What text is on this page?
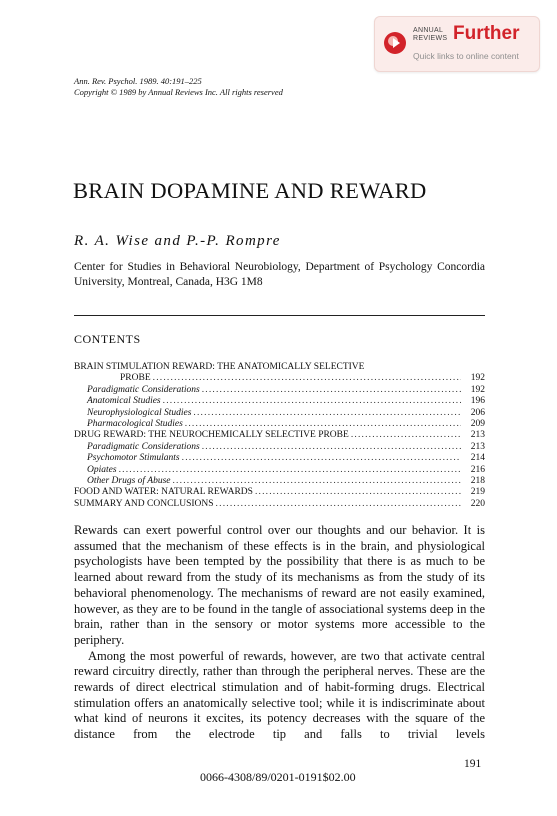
ANNUAL REVIEWS Further
Quick links to online content
Ann. Rev. Psychol. 1989. 40:191–225
Copyright © 1989 by Annual Reviews Inc. All rights reserved
BRAIN DOPAMINE AND REWARD
R. A. Wise and P.-P. Rompre
Center for Studies in Behavioral Neurobiology, Department of Psychology Concordia University, Montreal, Canada, H3G 1M8
CONTENTS
BRAIN STIMULATION REWARD: THE ANATOMICALLY SELECTIVE
PROBE .....	192
Paradigmatic Considerations .....	192
Anatomical Studies .....	196
Neurophysiological Studies .....	206
Pharmacological Studies .....	209
DRUG REWARD: THE NEUROCHEMICALLY SELECTIVE PROBE .....	213
Paradigmatic Considerations .....	213
Psychomotor Stimulants .....	214
Opiates .....	216
Other Drugs of Abuse .....	218
FOOD AND WATER: NATURAL REWARDS .....	219
SUMMARY AND CONCLUSIONS .....	220

Rewards can exert powerful control over our thoughts and our behavior. It is assumed that the mechanism of these effects is in the brain, and physiological psychologists have been tempted by the possibility that there is as much to be learned about reward from the study of its mechanisms as from the study of its behavioral phenomenology. The mechanisms of reward are not easily examined, however, as they are to be found in the tangle of associational systems deep in the brain, rather than in the sensory or motor systems more accessible to the periphery.

Among the most powerful of rewards, however, are two that activate central reward circuitry directly, rather than through the peripheral nerves. These are the rewards of direct electrical stimulation and of habit-forming drugs. Electrical stimulation offers an anatomically selective tool; while it is indiscriminate about what kind of neurons it excites, its potency decreases with the square of the distance from the electrode tip and falls to trivial levels

191
0066-4308/89/0201-0191$02.00
